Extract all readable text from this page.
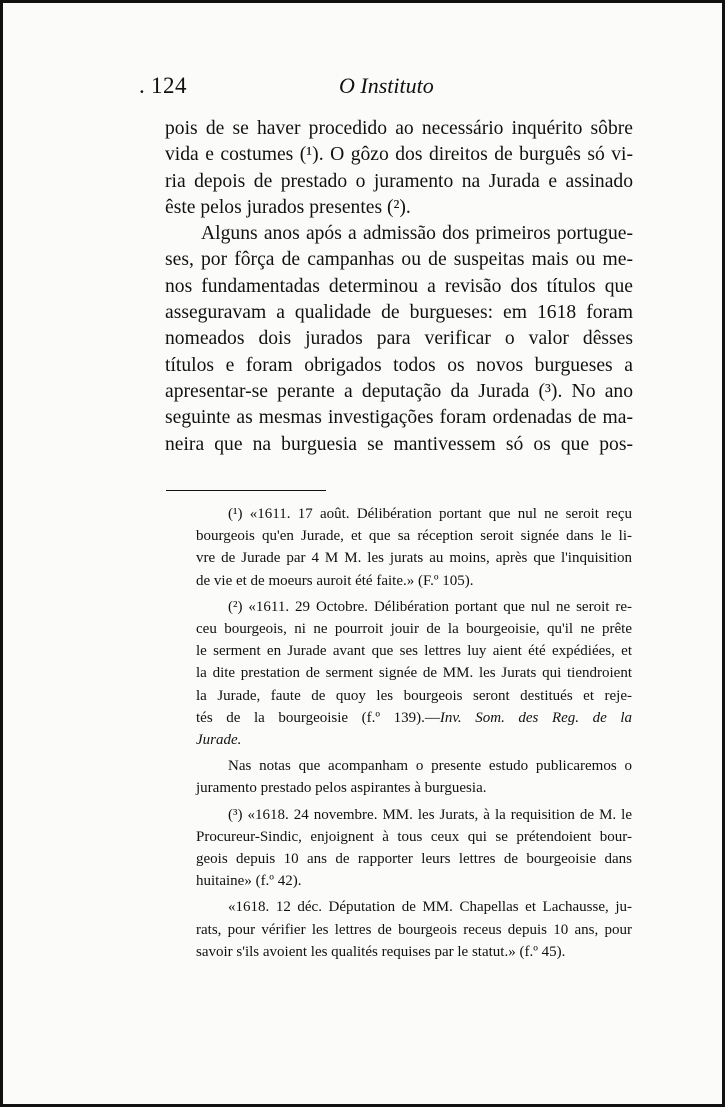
. 124	O Instituto

pois de se haver procedido ao necessário inquérito sôbre
vida e costumes (¹). O gôzo dos direitos de burguês só vi-
ria depois de prestado o juramento na Jurada e assinado
êste pelos jurados presentes (²).

Alguns anos após a admissão dos primeiros portugue-
ses, por fôrça de campanhas ou de suspeitas mais ou me-
nos fundamentadas determinou a revisão dos títulos que
asseguravam a qualidade de burgueses: em 1618 foram
nomeados dois jurados para verificar o valor dêsses
títulos e foram obrigados todos os novos burgueses a
apresentar-se perante a deputação da Jurada (³). No ano
seguinte as mesmas investigações foram ordenadas de ma-
neira que na burguesia se mantivessem só os que pos-

(¹) «1611. 17 août. Délibération portant que nul ne seroit reçu
bourgeois qu'en Jurade, et que sa réception seroit signée dans le li-
vre de Jurade par 4 M M. les jurats au moins, après que l'inquisition
de vie et de moeurs auroit été faite.» (F.º 105).
(²) «1611. 29 Octobre. Délibération portant que nul ne seroit re-
ceu bourgeois, ni ne pourroit jouir de la bourgeoisie, qu'il ne prête
le serment en Jurade avant que ses lettres luy aient été expédiées, et
la dite prestation de serment signée de MM. les Jurats qui tiendroient
la Jurade, faute de quoy les bourgeois seront destitués et reje-
tés de la bourgeoisie (f.º 139).—Inv. Som. des Reg. de la
Jurade.
Nas notas que acompanham o presente estudo publicaremos o
juramento prestado pelos aspirantes à burguesia.
(³) «1618. 24 novembre. MM. les Jurats, à la requisition de M. le
Procureur-Sindic, enjoignent à tous ceux qui se prétendoient bour-
geois depuis 10 ans de rapporter leurs lettres de bourgeoisie dans
huitaine» (f.º 42).
«1618. 12 déc. Députation de MM. Chapellas et Lachausse, ju-
rats, pour vérifier les lettres de bourgeois receus depuis 10 ans, pour
savoir s'ils avoient les qualités requises par le statut.» (f.º 45).
